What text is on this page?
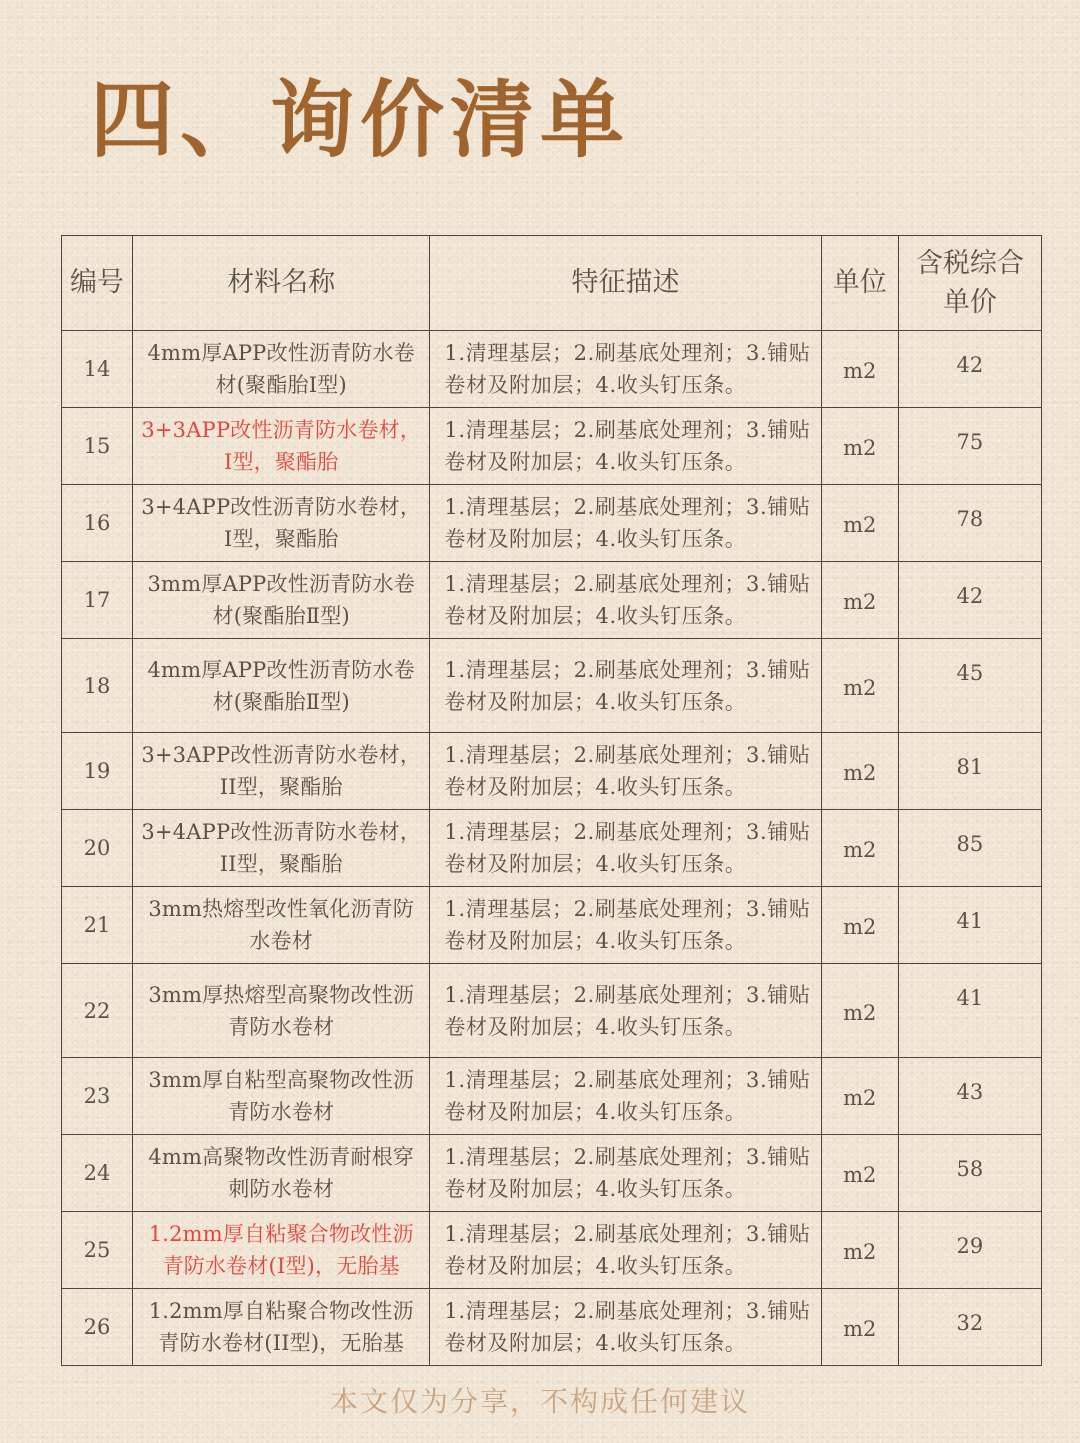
四、询价清单
编号	材料名称	特征描述	单位	含税综合单价
14	4mm厚APP改性沥青防水卷材(聚酯胎I型)	1.清理基层；2.刷基底处理剂；3.铺贴卷材及附加层；4.收头钉压条。	m2	42
15	3+3APP改性沥青防水卷材，I型，聚酯胎	1.清理基层；2.刷基底处理剂；3.铺贴卷材及附加层；4.收头钉压条。	m2	75
16	3+4APP改性沥青防水卷材，I型，聚酯胎	1.清理基层；2.刷基底处理剂；3.铺贴卷材及附加层；4.收头钉压条。	m2	78
17	3mm厚APP改性沥青防水卷材(聚酯胎Ⅱ型)	1.清理基层；2.刷基底处理剂；3.铺贴卷材及附加层；4.收头钉压条。	m2	42
18	4mm厚APP改性沥青防水卷材(聚酯胎Ⅱ型)	1.清理基层；2.刷基底处理剂；3.铺贴卷材及附加层；4.收头钉压条。	m2	45
19	3+3APP改性沥青防水卷材，II型，聚酯胎	1.清理基层；2.刷基底处理剂；3.铺贴卷材及附加层；4.收头钉压条。	m2	81
20	3+4APP改性沥青防水卷材，II型，聚酯胎	1.清理基层；2.刷基底处理剂；3.铺贴卷材及附加层；4.收头钉压条。	m2	85
21	3mm热熔型改性氧化沥青防水卷材	1.清理基层；2.刷基底处理剂；3.铺贴卷材及附加层；4.收头钉压条。	m2	41
22	3mm厚热熔型高聚物改性沥青防水卷材	1.清理基层；2.刷基底处理剂；3.铺贴卷材及附加层；4.收头钉压条。	m2	41
23	3mm厚自粘型高聚物改性沥青防水卷材	1.清理基层；2.刷基底处理剂；3.铺贴卷材及附加层；4.收头钉压条。	m2	43
24	4mm高聚物改性沥青耐根穿刺防水卷材	1.清理基层；2.刷基底处理剂；3.铺贴卷材及附加层；4.收头钉压条。	m2	58
25	1.2mm厚自粘聚合物改性沥青防水卷材(I型)，无胎基	1.清理基层；2.刷基底处理剂；3.铺贴卷材及附加层；4.收头钉压条。	m2	29
26	1.2mm厚自粘聚合物改性沥青防水卷材(II型)，无胎基	1.清理基层；2.刷基底处理剂；3.铺贴卷材及附加层；4.收头钉压条。	m2	32
本文仅为分享，不构成任何建议
